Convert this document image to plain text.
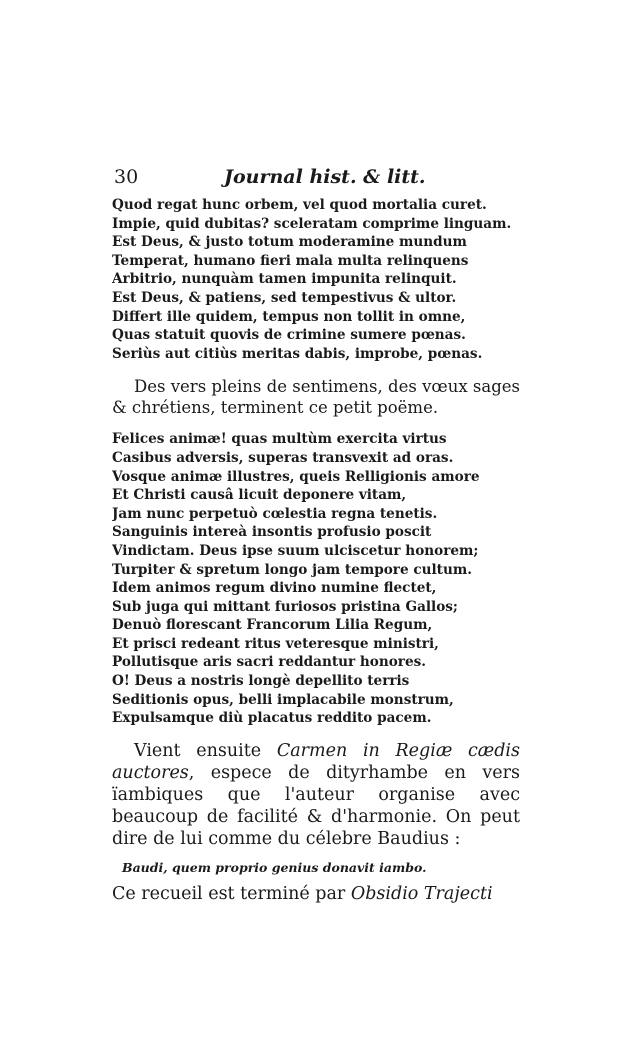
30	Journal hist. & litt.
Quod regat hunc orbem, vel quod mortalia curet.
Impie, quid dubitas? sceleratam comprime linguam.
Est Deus, & justo totum moderamine mundum
Temperat, humano fieri mala multa relinquens
Arbitrio, nunquàm tamen impunita relinquit.
Est Deus, & patiens, sed tempestivus & ultor.
Differt ille quidem, tempus non tollit in omne,
Quas statuit quovis de crimine sumere pœnas.
Seriùs aut citiùs meritas dabis, improbe, pœnas.

Des vers pleins de sentimens, des vœux sages & chrétiens, terminent ce petit poëme.

Felices animæ! quas multùm exercita virtus
Casibus adversis, superas transvexit ad oras.
Vosque animæ illustres, queis Relligionis amore
Et Christi causâ licuit deponere vitam,
Jam nunc perpetuò cœlestia regna tenetis.
Sanguinis intereà insontis profusio poscit
Vindictam. Deus ipse suum ulciscetur honorem;
Turpiter & spretum longo jam tempore cultum.
Idem animos regum divino numine flectet,
Sub juga qui mittant furiosos pristina Gallos;
Denuò florescant Francorum Lilia Regum,
Et prisci redeant ritus veteresque ministri,
Pollutisque aris sacri reddantur honores.
O! Deus a nostris longè depellito terris
Seditionis opus, belli implacabile monstrum,
Expulsamque diù placatus reddito pacem.

Vient ensuite Carmen in Regiæ cædis auctores, espece de dityrhambe en vers ïambiques que l'auteur organise avec beaucoup de facilité & d'harmonie. On peut dire de lui comme du célebre Baudius :

Baudi, quem proprio genius donavit iambo.
Ce recueil est terminé par Obsidio Trajecti
